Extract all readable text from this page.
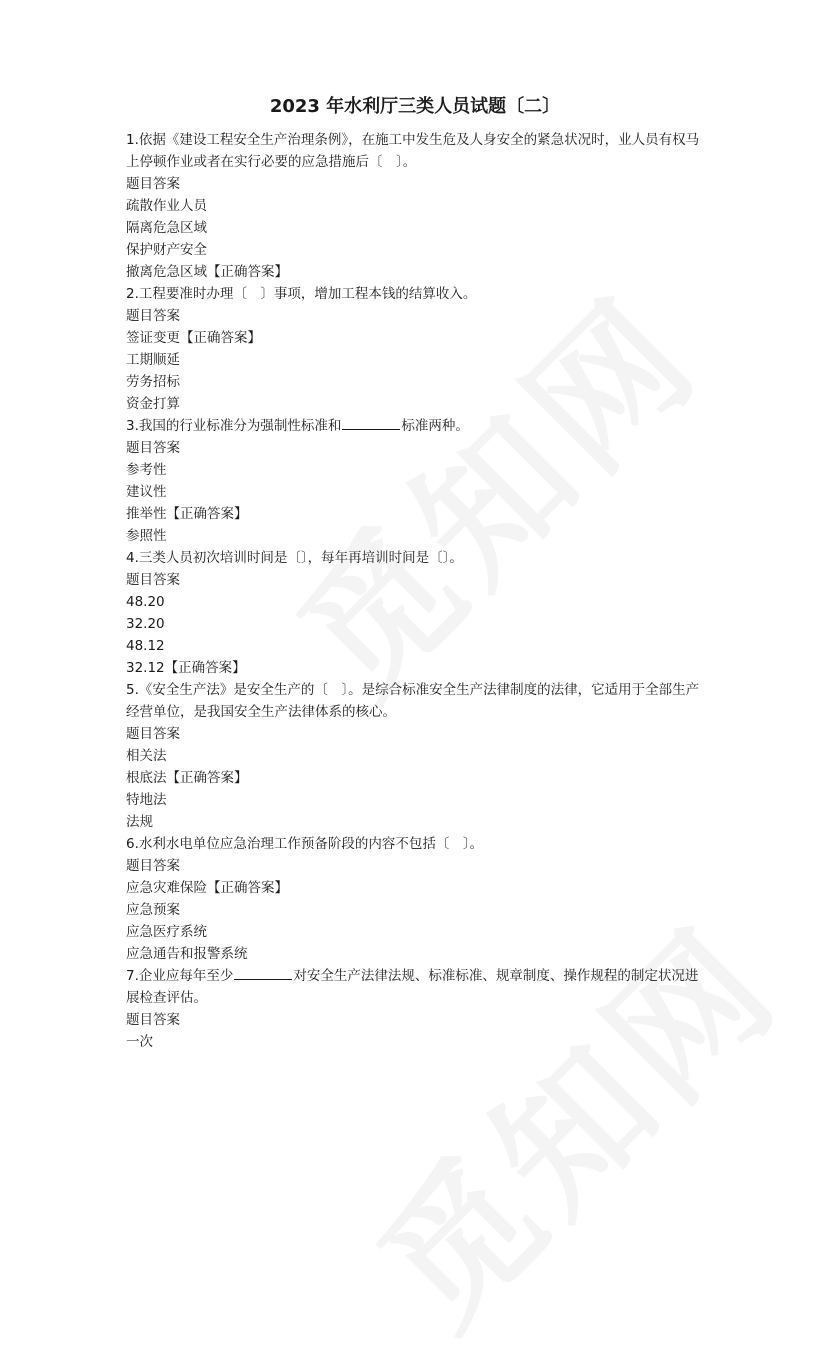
2023 年水利厅三类人员试题〔二〕
1.依据《建设工程安全生产治理条例》，在施工中发生危及人身安全的紧急状况时，业人员有权马上停顿作业或者在实行必要的应急措施后〔　〕。
题目答案
疏散作业人员
隔离危急区域
保护财产安全
撤离危急区域【正确答案】
2.工程要准时办理〔　〕事项，增加工程本钱的结算收入。
题目答案
签证变更【正确答案】
工期顺延
劳务招标
资金打算
3.我国的行业标准分为强制性标准和	标准两种。
题目答案
参考性
建议性
推举性【正确答案】
参照性
4.三类人员初次培训时间是〔〕，每年再培训时间是〔〕。
题目答案
48.20
32.20
48.12
32.12【正确答案】
5.《安全生产法》是安全生产的〔　〕。是综合标准安全生产法律制度的法律，它适用于全部生产经营单位，是我国安全生产法律体系的核心。
题目答案
相关法
根底法【正确答案】
特地法
法规
6.水利水电单位应急治理工作预备阶段的内容不包括〔　〕。
题目答案
应急灾难保险【正确答案】
应急预案
应急医疗系统
应急通告和报警系统
7.企业应每年至少	对安全生产法律法规、标准标准、规章制度、操作规程的制定状况进展检查评估。
题目答案
一次
